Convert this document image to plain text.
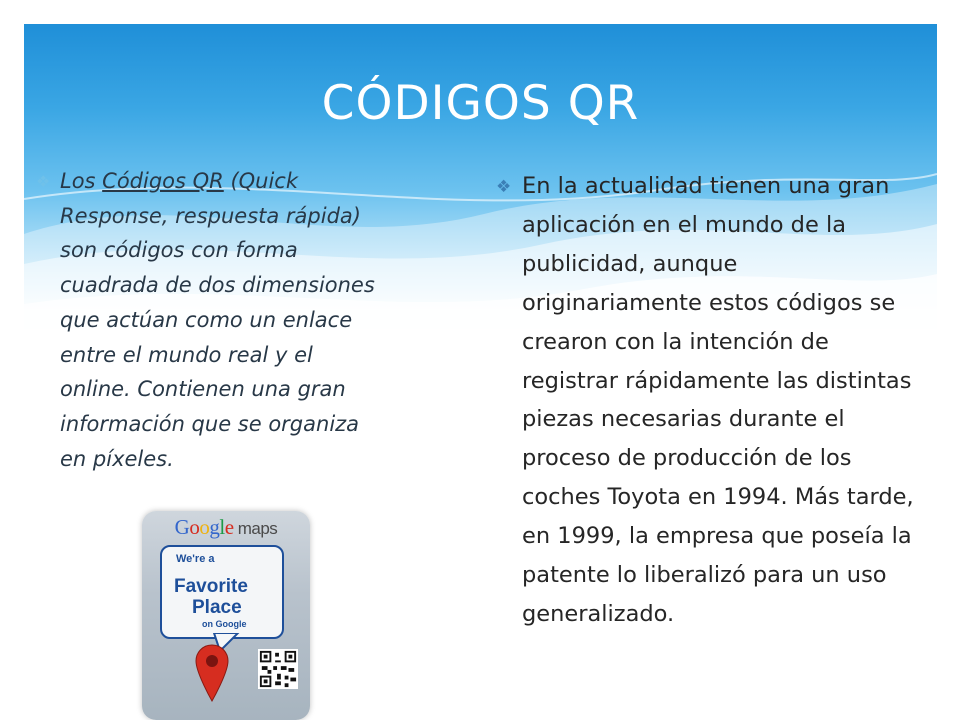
CÓDIGOS QR
❖ Los Códigos QR (Quick Response, respuesta rápida) son códigos con forma cuadrada de dos dimensiones que actúan como un enlace entre el mundo real y el online. Contienen una gran información que se organiza en píxeles.
❖ En la actualidad tienen una gran aplicación en el mundo de la publicidad, aunque originariamente estos códigos se crearon con la intención de registrar rápidamente las distintas piezas necesarias durante el proceso de producción de los coches Toyota en 1994. Más tarde, en 1999, la empresa que poseía la patente lo liberalizó para un uso generalizado.
Google maps
We're a
Favorite
Place
on Google
